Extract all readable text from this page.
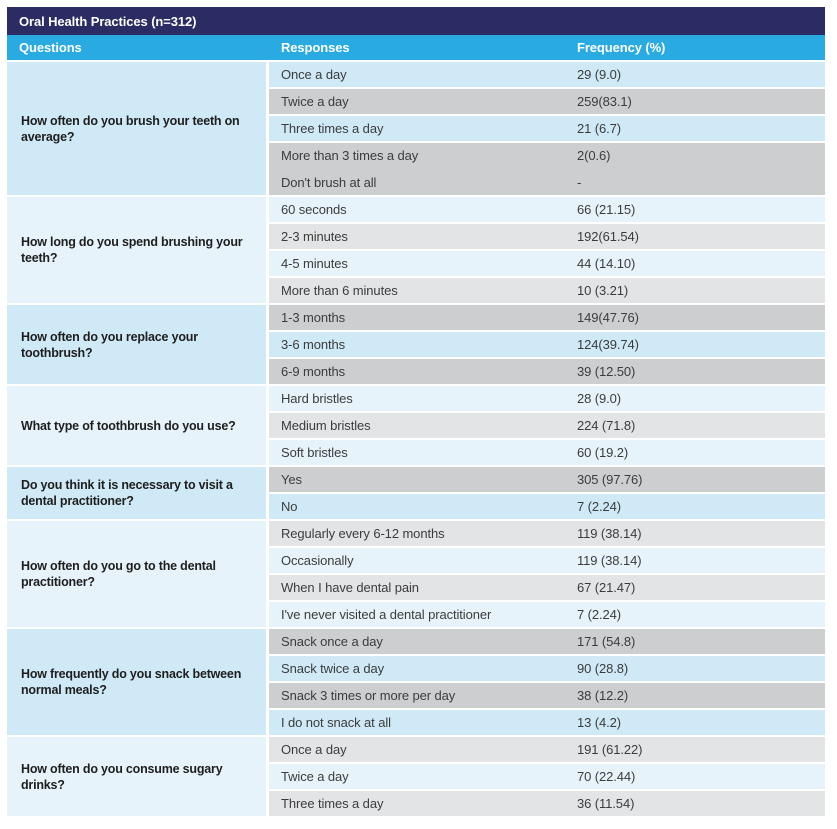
Oral Health Practices (n=312)
Questions	Responses	Frequency (%)
How often do you brush your teeth on average?
Once a day	29 (9.0)
Twice a day	259(83.1)
Three times a day	21 (6.7)
More than 3 times a day	2(0.6)
Don't brush at all	-
How long do you spend brushing your teeth?
60 seconds	66 (21.15)
2-3 minutes	192(61.54)
4-5 minutes	44 (14.10)
More than 6 minutes	10 (3.21)
How often do you replace your toothbrush?
1-3 months	149(47.76)
3-6 months	124(39.74)
6-9 months	39 (12.50)
What type of toothbrush do you use?
Hard bristles	28 (9.0)
Medium bristles	224 (71.8)
Soft bristles	60 (19.2)
Do you think it is necessary to visit a dental practitioner?
Yes	305 (97.76)
No	7 (2.24)
How often do you go to the dental practitioner?
Regularly every 6-12 months	119 (38.14)
Occasionally	119 (38.14)
When I have dental pain	67 (21.47)
I've never visited a dental practitioner	7 (2.24)
How frequently do you snack between normal meals?
Snack once a day	171 (54.8)
Snack twice a day	90 (28.8)
Snack 3 times or more per day	38 (12.2)
I do not snack at all	13 (4.2)
How often do you consume sugary drinks?
Once a day	191 (61.22)
Twice a day	70 (22.44)
Three times a day	36 (11.54)
